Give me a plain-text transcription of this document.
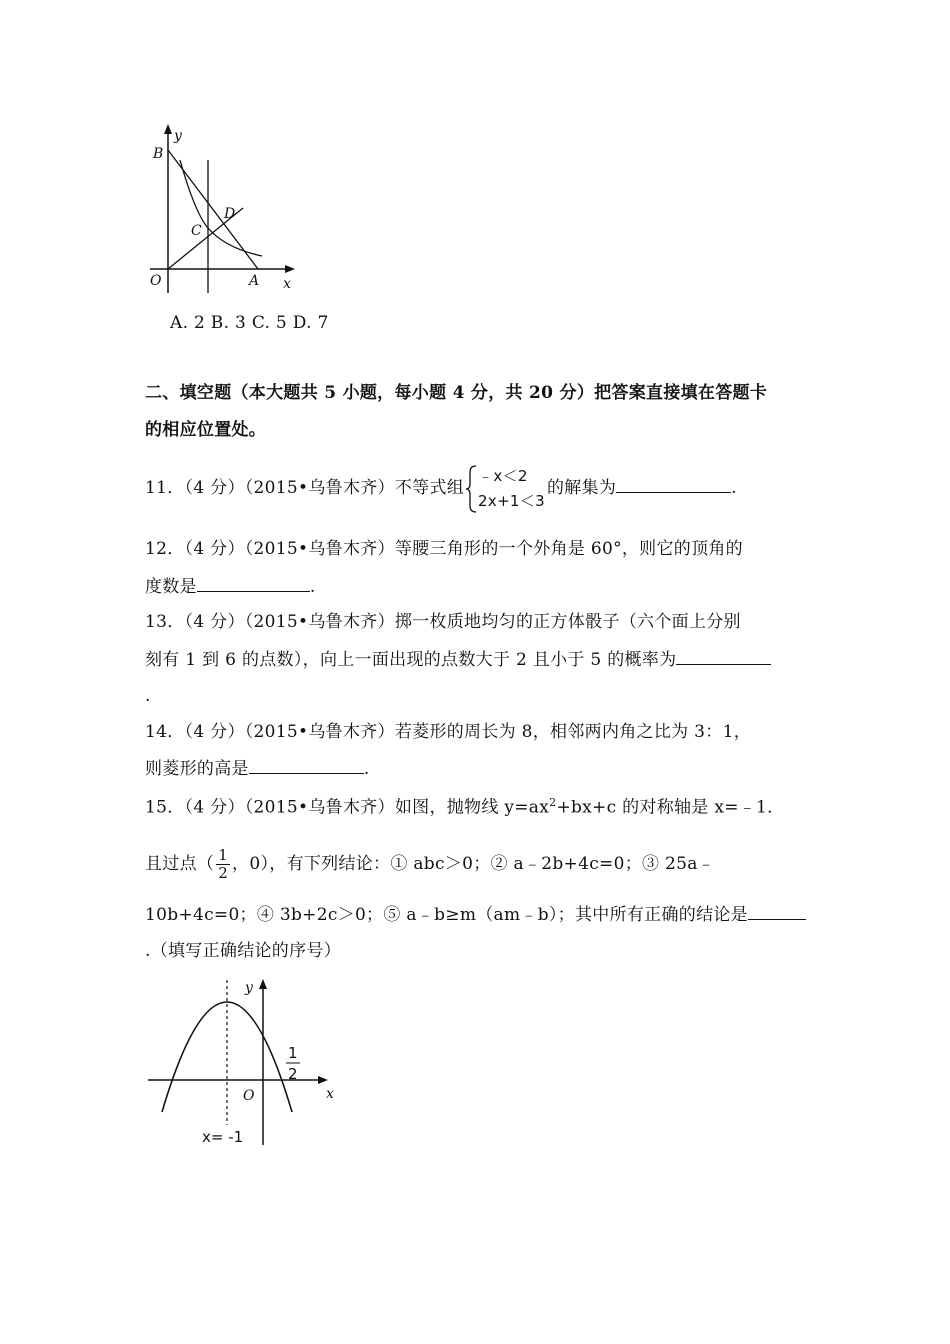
y
B
D
C
O	A x
A. 2 B. 3 C. 5 D. 7
二、填空题（本大题共 5 小题，每小题 4 分，共 20 分）把答案直接填在答题卡
的相应位置处。
11．（4 分）（2015•乌鲁木齐）不等式组
﹣x＜2
2x+1＜3
的解集为	.
12．（4 分）（2015•乌鲁木齐）等腰三角形的一个外角是 60°，则它的顶角的
度数是	.
13．（4 分）（2015•乌鲁木齐）掷一枚质地均匀的正方体骰子（六个面上分别
刻有 1 到 6 的点数），向上一面出现的点数大于 2 且小于 5 的概率为
.
14．（4 分）（2015•乌鲁木齐）若菱形的周长为 8，相邻两内角之比为 3：1，
则菱形的高是	.
15．（4 分）（2015•乌鲁木齐）如图，抛物线 $y=ax^2+bx+c$ 的对称轴是 x=﹣1．
且过点（ $\frac{1}{2}$ ，0），有下列结论：① abc＞0；② a﹣2b+4c=0；③ 25a﹣
10b+4c=0；④ 3b+2c＞0；⑤ a﹣b≥m（am﹣b）；其中所有正确的结论是
.（填写正确结论的序号）
y
x
O
1
2
x= -1
